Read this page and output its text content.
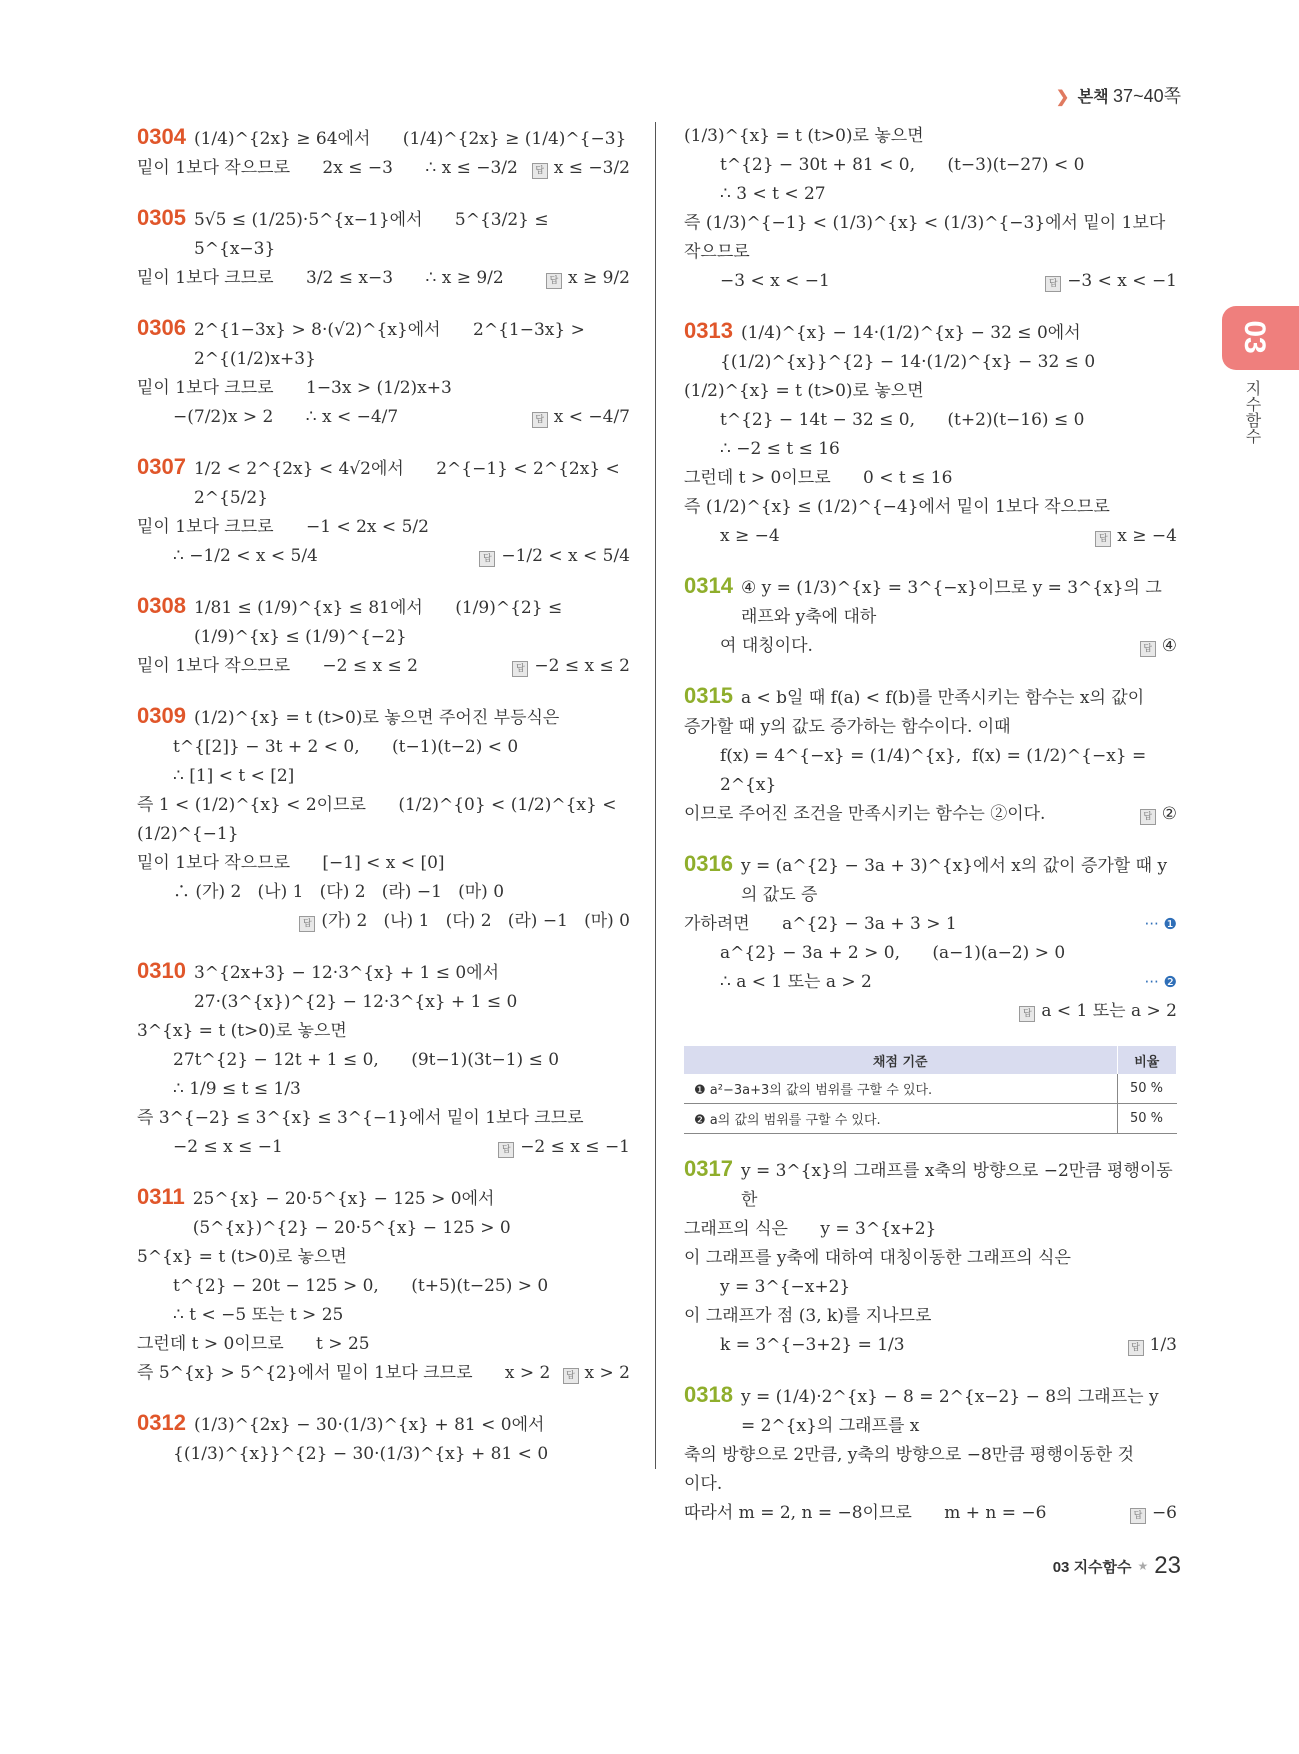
❯ 본책 37~40쪽
03
지수함수
0304 (1/4)^{2x} ≥ 64에서      (1/4)^{2x} ≥ (1/4)^{−3}
밑이 1보다 작으므로      2x ≤ −3      ∴ x ≤ −3/2	답 x ≤ −3/2
0305 5√5 ≤ (1/25)·5^{x−1}에서      5^{3/2} ≤ 5^{x−3}
밑이 1보다 크므로      3/2 ≤ x−3      ∴ x ≥ 9/2	답 x ≥ 9/2
0306 2^{1−3x} > 8·(√2)^{x}에서      2^{1−3x} > 2^{(1/2)x+3}
밑이 1보다 크므로      1−3x > (1/2)x+3
−(7/2)x > 2      ∴ x < −4/7	답 x < −4/7
0307 1/2 < 2^{2x} < 4√2에서      2^{−1} < 2^{2x} < 2^{5/2}
밑이 1보다 크므로      −1 < 2x < 5/2
∴ −1/2 < x < 5/4	답 −1/2 < x < 5/4
0308 1/81 ≤ (1/9)^{x} ≤ 81에서      (1/9)^{2} ≤ (1/9)^{x} ≤ (1/9)^{−2}
밑이 1보다 작으므로      −2 ≤ x ≤ 2	답 −2 ≤ x ≤ 2
0309 (1/2)^{x} = t (t>0)로 놓으면 주어진 부등식은
t^{[2]} − 3t + 2 < 0,      (t−1)(t−2) < 0
∴ [1] < t < [2]
즉 1 < (1/2)^{x} < 2이므로      (1/2)^{0} < (1/2)^{x} < (1/2)^{−1}
밑이 1보다 작으므로      [−1] < x < [0]
∴ (가) 2   (나) 1   (다) 2   (라) −1   (마) 0
답 (가) 2   (나) 1   (다) 2   (라) −1   (마) 0
0310 3^{2x+3} − 12·3^{x} + 1 ≤ 0에서      27·(3^{x})^{2} − 12·3^{x} + 1 ≤ 0
3^{x} = t (t>0)로 놓으면
27t^{2} − 12t + 1 ≤ 0,      (9t−1)(3t−1) ≤ 0
∴ 1/9 ≤ t ≤ 1/3
즉 3^{−2} ≤ 3^{x} ≤ 3^{−1}에서 밑이 1보다 크므로
−2 ≤ x ≤ −1	답 −2 ≤ x ≤ −1
0311 25^{x} − 20·5^{x} − 125 > 0에서      (5^{x})^{2} − 20·5^{x} − 125 > 0
5^{x} = t (t>0)로 놓으면
t^{2} − 20t − 125 > 0,      (t+5)(t−25) > 0
∴ t < −5 또는 t > 25
그런데 t > 0이므로      t > 25
즉 5^{x} > 5^{2}에서 밑이 1보다 크므로      x > 2	답 x > 2
0312 (1/3)^{2x} − 30·(1/3)^{x} + 81 < 0에서
{(1/3)^{x}}^{2} − 30·(1/3)^{x} + 81 < 0
(1/3)^{x} = t (t>0)로 놓으면
t^{2} − 30t + 81 < 0,      (t−3)(t−27) < 0
∴ 3 < t < 27
즉 (1/3)^{−1} < (1/3)^{x} < (1/3)^{−3}에서 밑이 1보다 작으므로
−3 < x < −1	답 −3 < x < −1
0313 (1/4)^{x} − 14·(1/2)^{x} − 32 ≤ 0에서
{(1/2)^{x}}^{2} − 14·(1/2)^{x} − 32 ≤ 0
(1/2)^{x} = t (t>0)로 놓으면
t^{2} − 14t − 32 ≤ 0,      (t+2)(t−16) ≤ 0
∴ −2 ≤ t ≤ 16
그런데 t > 0이므로      0 < t ≤ 16
즉 (1/2)^{x} ≤ (1/2)^{−4}에서 밑이 1보다 작으므로
x ≥ −4	답 x ≥ −4
0314 ④ y = (1/3)^{x} = 3^{−x}이므로 y = 3^{x}의 그래프와 y축에 대하
여 대칭이다.	답 ④
0315 a < b일 때 f(a) < f(b)를 만족시키는 함수는 x의 값이
증가할 때 y의 값도 증가하는 함수이다. 이때
f(x) = 4^{−x} = (1/4)^{x},  f(x) = (1/2)^{−x} = 2^{x}
이므로 주어진 조건을 만족시키는 함수는 ②이다.	답 ②
0316 y = (a^{2} − 3a + 3)^{x}에서 x의 값이 증가할 때 y의 값도 증
가하려면      a^{2} − 3a + 3 > 1	··· ❶
a^{2} − 3a + 2 > 0,      (a−1)(a−2) > 0
∴ a < 1 또는 a > 2	··· ❷
답 a < 1 또는 a > 2
채점 기준	비율
❶ a²−3a+3의 값의 범위를 구할 수 있다.	50 %
❷ a의 값의 범위를 구할 수 있다.	50 %
0317 y = 3^{x}의 그래프를 x축의 방향으로 −2만큼 평행이동한
그래프의 식은      y = 3^{x+2}
이 그래프를 y축에 대하여 대칭이동한 그래프의 식은
y = 3^{−x+2}
이 그래프가 점 (3, k)를 지나므로
k = 3^{−3+2} = 1/3	답 1/3
0318 y = (1/4)·2^{x} − 8 = 2^{x−2} − 8의 그래프는 y = 2^{x}의 그래프를 x
축의 방향으로 2만큼, y축의 방향으로 −8만큼 평행이동한 것
이다.
따라서 m = 2, n = −8이므로      m + n = −6	답 −6
03 지수함수 ★ 23
